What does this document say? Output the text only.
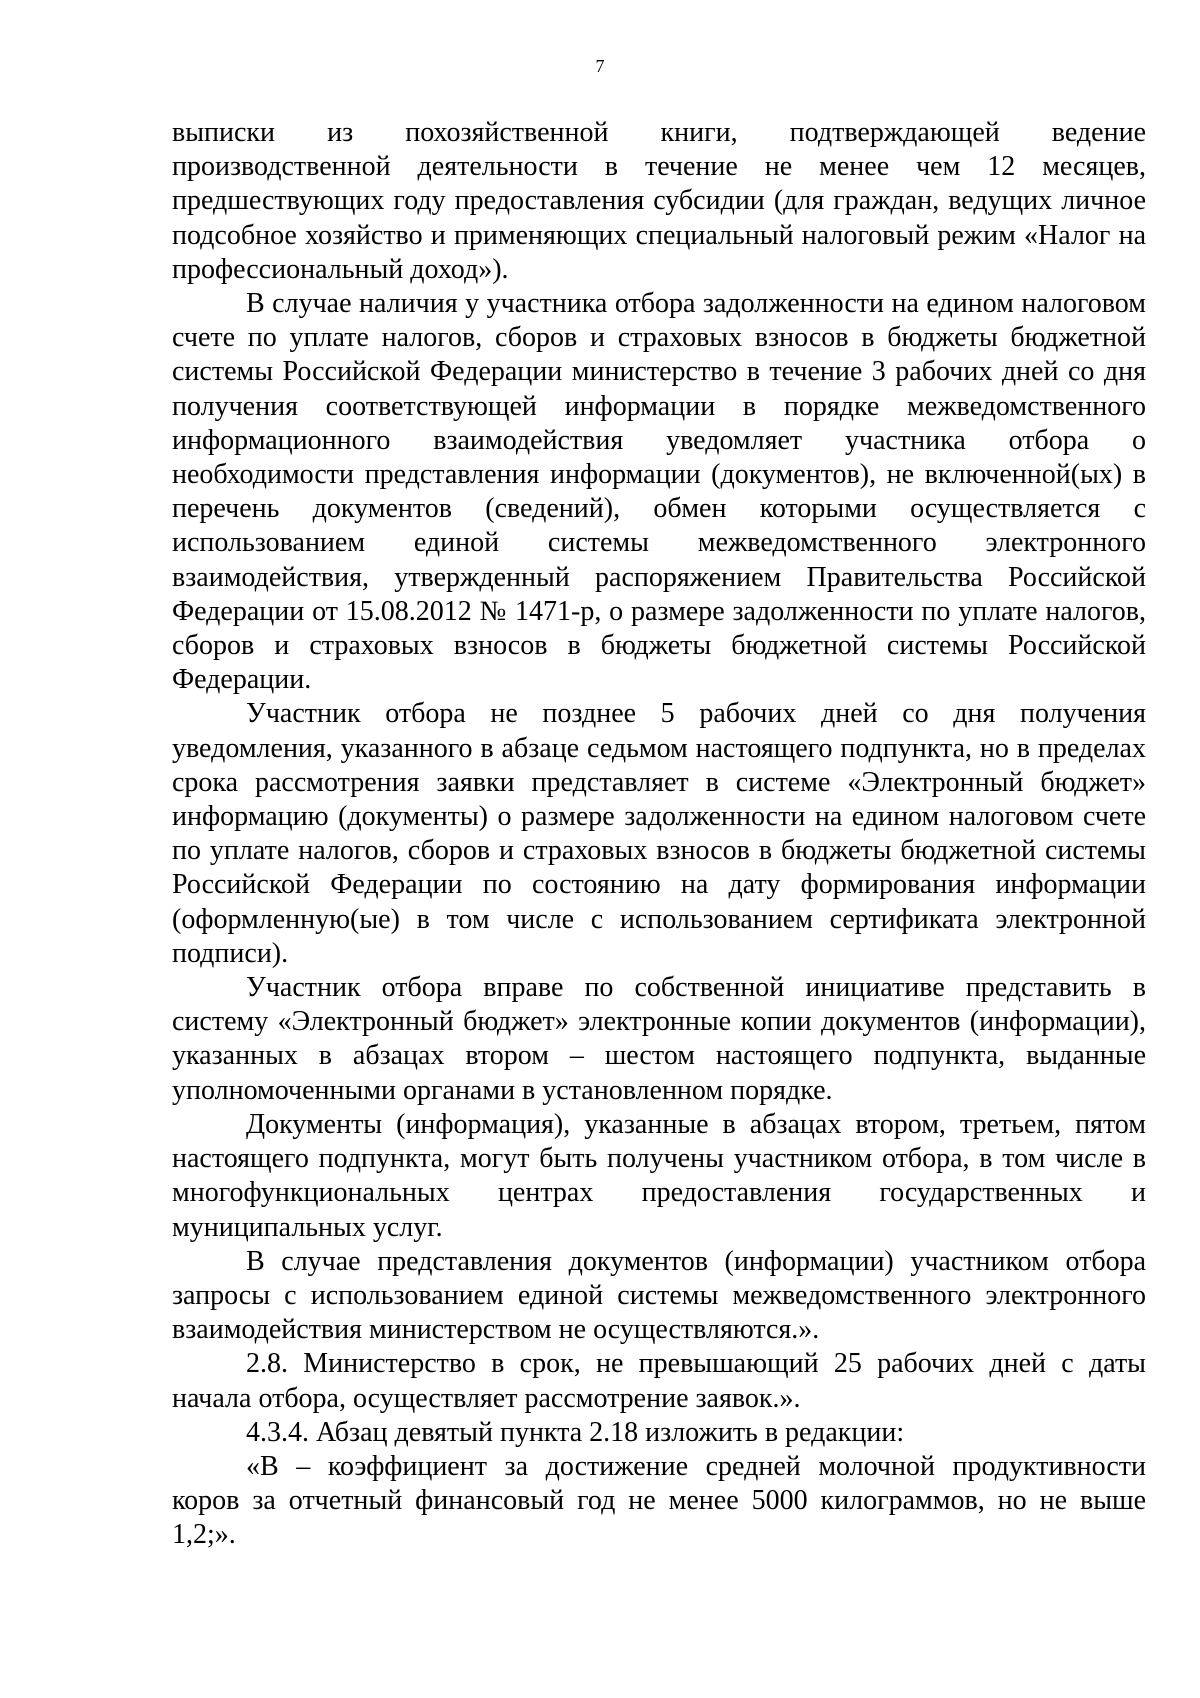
7

выписки из похозяйственной книги, подтверждающей ведение производственной деятельности в течение не менее чем 12 месяцев, предшествующих году предоставления субсидии (для граждан, ведущих личное подсобное хозяйство и применяющих специальный налоговый режим «Налог на профессиональный доход»).

В случае наличия у участника отбора задолженности на едином налоговом счете по уплате налогов, сборов и страховых взносов в бюджеты бюджетной системы Российской Федерации министерство в течение 3 рабочих дней со дня получения соответствующей информации в порядке межведомственного информационного взаимодействия уведомляет участника отбора о необходимости представления информации (документов), не включенной(ых) в перечень документов (сведений), обмен которыми осуществляется с использованием единой системы межведомственного электронного взаимодействия, утвержденный распоряжением Правительства Российской Федерации от 15.08.2012 № 1471-р, о размере задолженности по уплате налогов, сборов и страховых взносов в бюджеты бюджетной системы Российской Федерации.

Участник отбора не позднее 5 рабочих дней со дня получения уведомления, указанного в абзаце седьмом настоящего подпункта, но в пределах срока рассмотрения заявки представляет в системе «Электронный бюджет» информацию (документы) о размере задолженности на едином налоговом счете по уплате налогов, сборов и страховых взносов в бюджеты бюджетной системы Российской Федерации по состоянию на дату формирования информации (оформленную(ые) в том числе с использованием сертификата электронной подписи).

Участник отбора вправе по собственной инициативе представить в систему «Электронный бюджет» электронные копии документов (информации), указанных в абзацах втором – шестом настоящего подпункта, выданные уполномоченными органами в установленном порядке.

Документы (информация), указанные в абзацах втором, третьем, пятом настоящего подпункта, могут быть получены участником отбора, в том числе в многофункциональных центрах предоставления государственных и муниципальных услуг.

В случае представления документов (информации) участником отбора запросы с использованием единой системы межведомственного электронного взаимодействия министерством не осуществляются.».

2.8. Министерство в срок, не превышающий 25 рабочих дней с даты начала отбора, осуществляет рассмотрение заявок.».

4.3.4. Абзац девятый пункта 2.18 изложить в редакции:

«В – коэффициент за достижение средней молочной продуктивности коров за отчетный финансовый год не менее 5000 килограммов, но не выше 1,2;».
